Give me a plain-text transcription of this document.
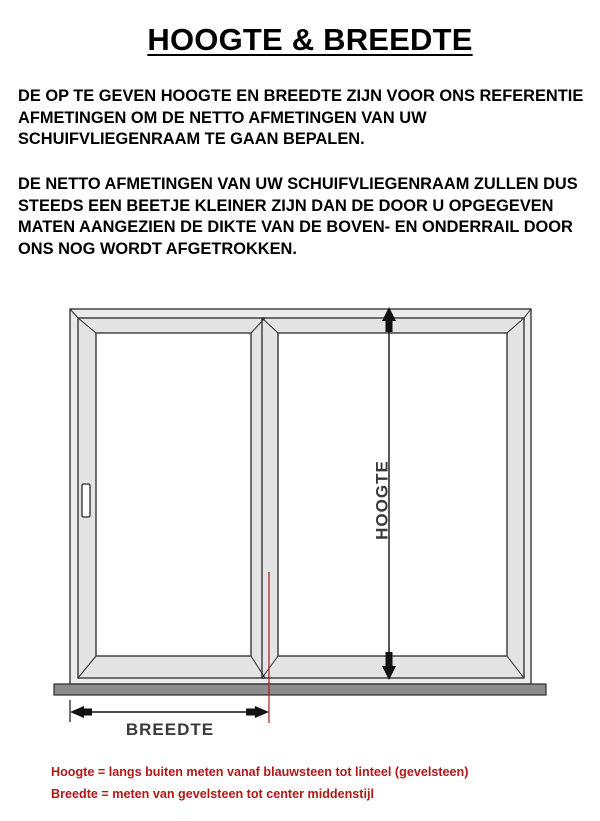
HOOGTE & BREEDTE

DE OP TE GEVEN HOOGTE EN BREEDTE ZIJN VOOR ONS REFERENTIE AFMETINGEN OM DE NETTO AFMETINGEN VAN UW SCHUIFVLIEGENRAAM TE GAAN BEPALEN.

DE NETTO AFMETINGEN VAN UW SCHUIFVLIEGENRAAM ZULLEN DUS STEEDS EEN BEETJE KLEINER ZIJN DAN DE DOOR U OPGEGEVEN MATEN AANGEZIEN DE DIKTE VAN DE BOVEN- EN ONDERRAIL DOOR ONS NOG WORDT AFGETROKKEN.

HOOGTE
BREEDTE
Hoogte = langs buiten meten vanaf blauwsteen tot linteel (gevelsteen)
Breedte = meten van gevelsteen tot center middenstijl
